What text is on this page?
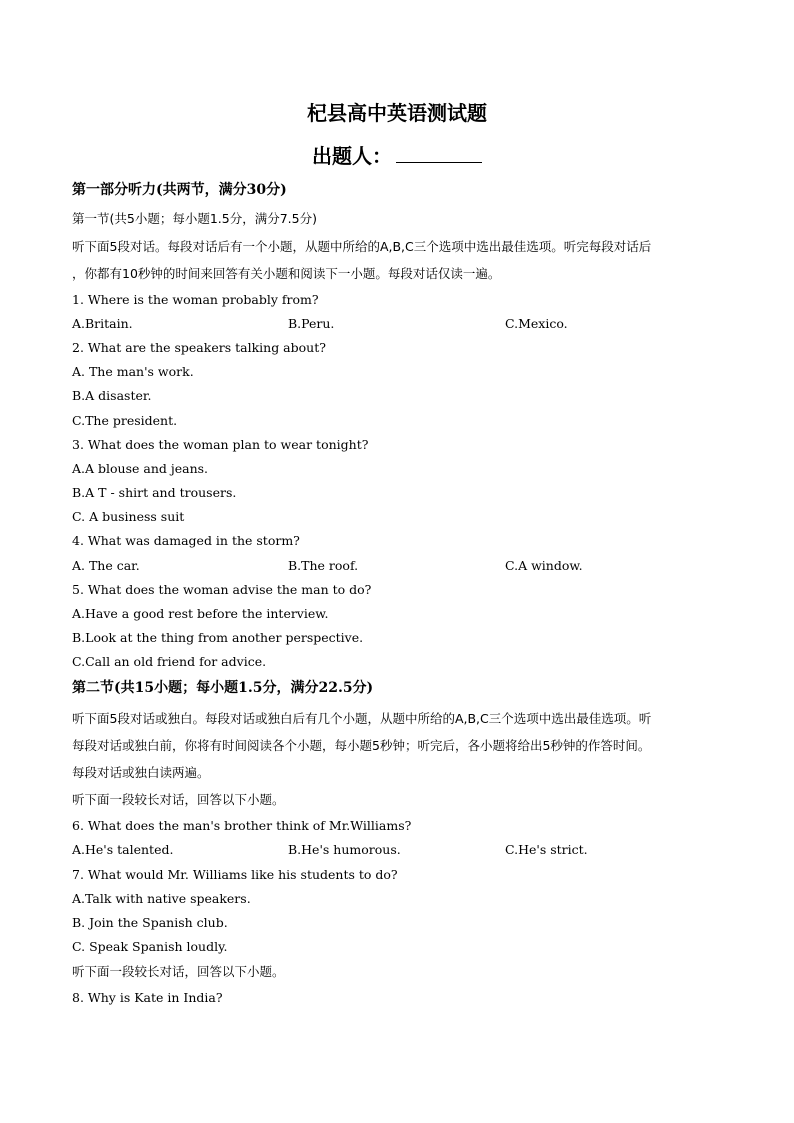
杞县高中英语测试题
出题人：
第一部分听力(共两节，满分30分)
第一节(共5小题；每小题1.5分，满分7.5分)
听下面5段对话。每段对话后有一个小题，从题中所给的A,B,C三个选项中选出最佳选项。听完每段对话后
，你都有10秒钟的时间来回答有关小题和阅读下一小题。每段对话仅读一遍。
1. Where is the woman probably from?
A.Britain.	B.Peru.	C.Mexico.
2. What are the speakers talking about?
A. The man's work.
B.A disaster.
C.The president.
3. What does the woman plan to wear tonight?
A.A blouse and jeans.
B.A T - shirt and trousers.
C. A business suit
4. What was damaged in the storm?
A. The car.	B.The roof.	C.A window.
5. What does the woman advise the man to do?
A.Have a good rest before the interview.
B.Look at the thing from another perspective.
C.Call an old friend for advice.
第二节(共15小题；每小题1.5分，满分22.5分)
听下面5段对话或独白。每段对话或独白后有几个小题，从题中所给的A,B,C三个选项中选出最佳选项。听
每段对话或独白前，你将有时间阅读各个小题，每小题5秒钟；听完后，各小题将给出5秒钟的作答时间。
每段对话或独白读两遍。
听下面一段较长对话，回答以下小题。
6. What does the man's brother think of Mr.Williams?
A.He's talented.	B.He's humorous.	C.He's strict.
7. What would Mr. Williams like his students to do?
A.Talk with native speakers.
B. Join the Spanish club.
C. Speak Spanish loudly.
听下面一段较长对话，回答以下小题。
8. Why is Kate in India?
